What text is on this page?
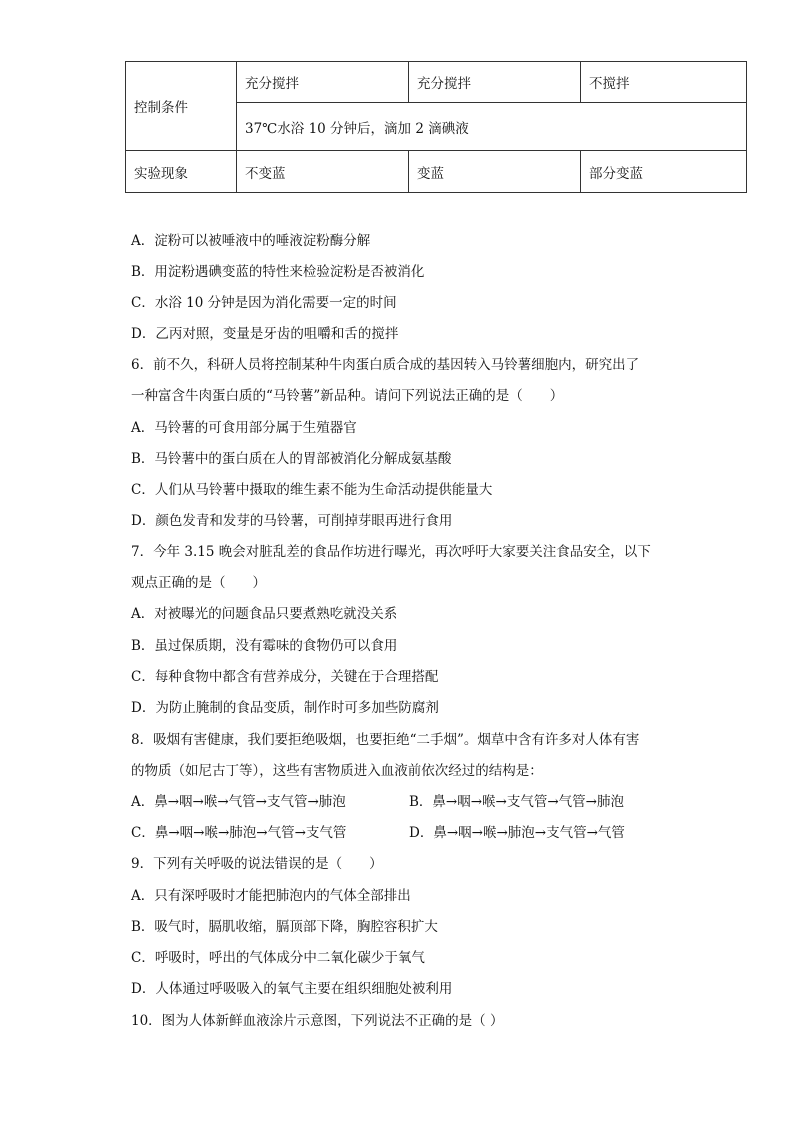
控制条件	充分搅拌	充分搅拌	不搅拌
	37℃水浴 10 分钟后，滴加 2 滴碘液		
实验现象	不变蓝	变蓝	部分变蓝
A．淀粉可以被唾液中的唾液淀粉酶分解
B．用淀粉遇碘变蓝的特性来检验淀粉是否被消化
C．水浴 10 分钟是因为消化需要一定的时间
D．乙丙对照，变量是牙齿的咀嚼和舌的搅拌
6．前不久，科研人员将控制某种牛肉蛋白质合成的基因转入马铃薯细胞内，研究出了
一种富含牛肉蛋白质的“马铃薯”新品种。请问下列说法正确的是（　　）
A．马铃薯的可食用部分属于生殖器官
B．马铃薯中的蛋白质在人的胃部被消化分解成氨基酸
C．人们从马铃薯中摄取的维生素不能为生命活动提供能量大
D．颜色发青和发芽的马铃薯，可削掉芽眼再进行食用
7．今年 3.15 晚会对脏乱差的食品作坊进行曝光，再次呼吁大家要关注食品安全，以下
观点正确的是（　　）
A．对被曝光的问题食品只要煮熟吃就没关系
B．虽过保质期，没有霉味的食物仍可以食用
C．每种食物中都含有营养成分，关键在于合理搭配
D．为防止腌制的食品变质，制作时可多加些防腐剂
8．吸烟有害健康，我们要拒绝吸烟，也要拒绝“二手烟”。烟草中含有许多对人体有害
的物质（如尼古丁等），这些有害物质进入血液前依次经过的结构是：
A．鼻→咽→喉→气管→支气管→肺泡	B．鼻→咽→喉→支气管→气管→肺泡
C．鼻→咽→喉→肺泡→气管→支气管	D．鼻→咽→喉→肺泡→支气管→气管
9．下列有关呼吸的说法错误的是（　　）
A．只有深呼吸时才能把肺泡内的气体全部排出
B．吸气时，膈肌收缩，膈顶部下降，胸腔容积扩大
C．呼吸时，呼出的气体成分中二氧化碳少于氧气
D．人体通过呼吸吸入的氧气主要在组织细胞处被利用
10．图为人体新鲜血液涂片示意图，下列说法不正确的是（ ）
